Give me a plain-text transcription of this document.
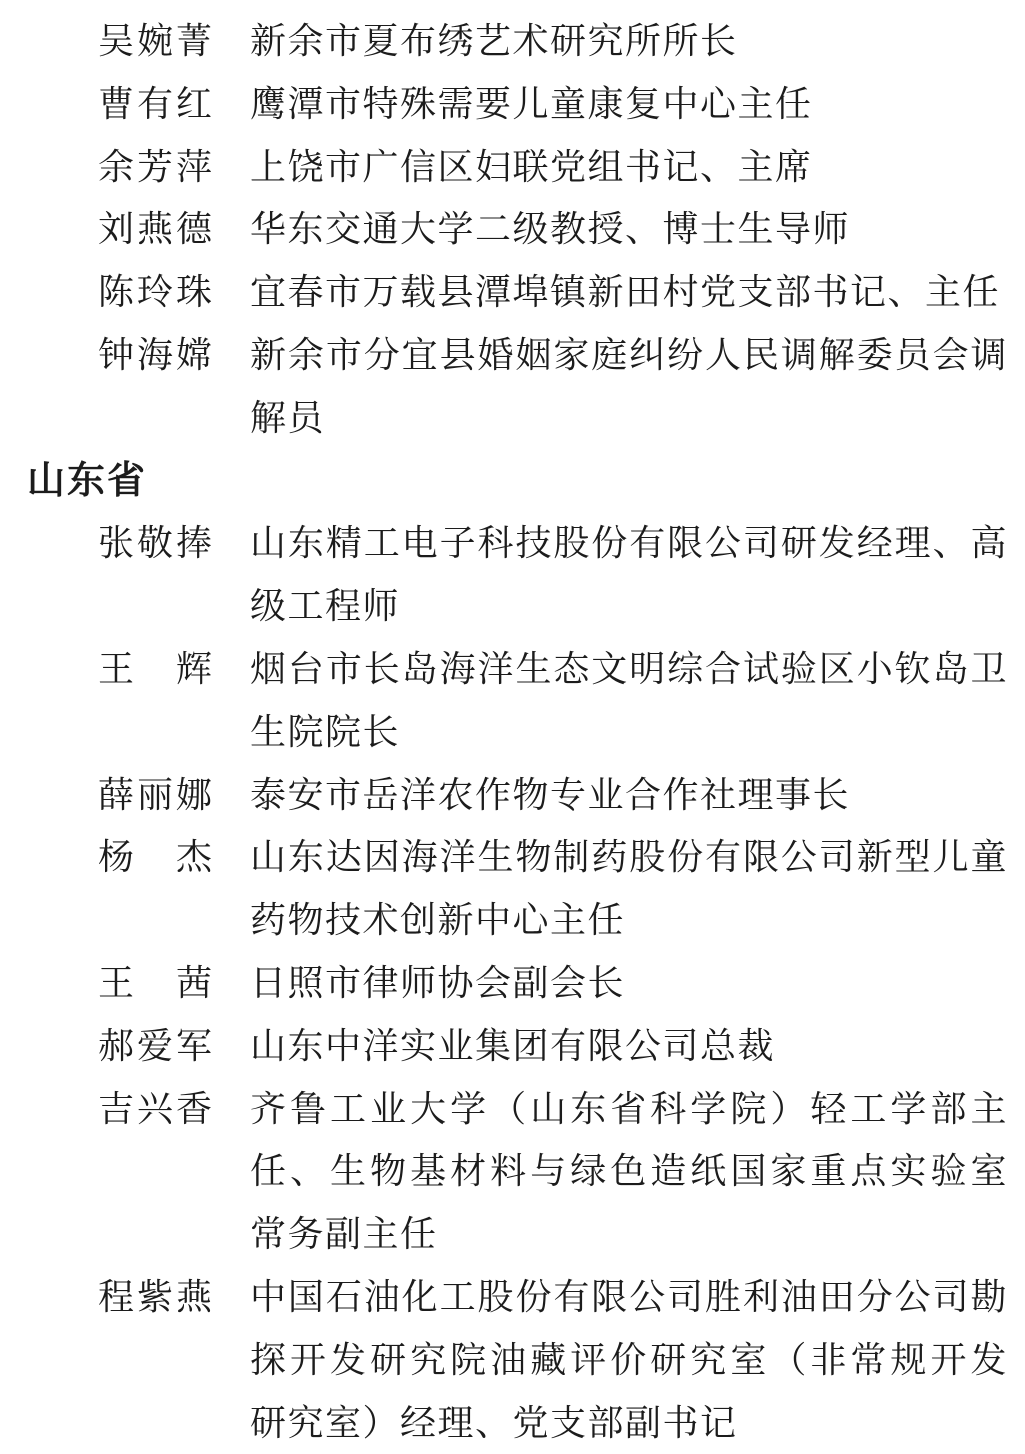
吴婉菁 新余市夏布绣艺术研究所所长
曹有红 鹰潭市特殊需要儿童康复中心主任
余芳萍 上饶市广信区妇联党组书记、主席
刘燕德 华东交通大学二级教授、博士生导师
陈玲珠 宜春市万载县潭埠镇新田村党支部书记、主任
钟海嫦 新余市分宜县婚姻家庭纠纷人民调解委员会调
解员
山东省
张敬捧 山东精工电子科技股份有限公司研发经理、高
级工程师
王辉 烟台市长岛海洋生态文明综合试验区小钦岛卫
生院院长
薛丽娜 泰安市岳洋农作物专业合作社理事长
杨杰 山东达因海洋生物制药股份有限公司新型儿童
药物技术创新中心主任
王茜 日照市律师协会副会长
郝爱军 山东中洋实业集团有限公司总裁
吉兴香 齐鲁工业大学（山东省科学院）轻工学部主
任、生物基材料与绿色造纸国家重点实验室
常务副主任
程紫燕 中国石油化工股份有限公司胜利油田分公司勘
探开发研究院油藏评价研究室（非常规开发
研究室）经理、党支部副书记
